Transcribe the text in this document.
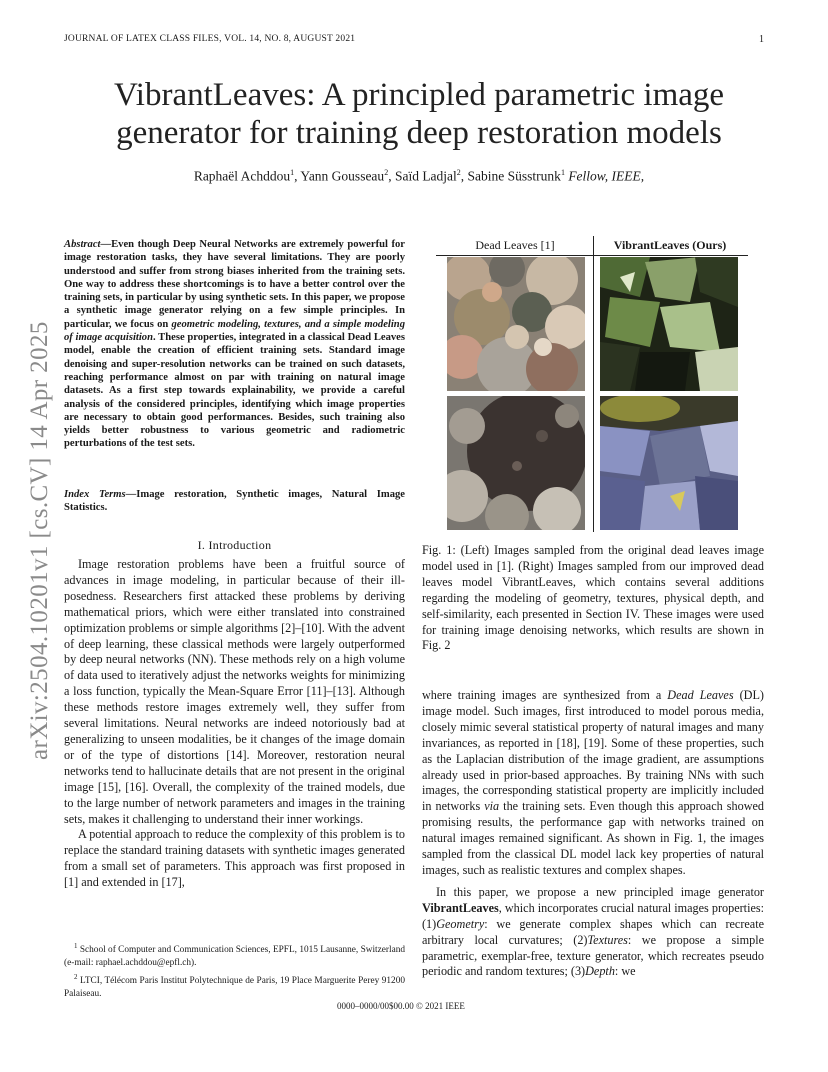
JOURNAL OF LATEX CLASS FILES, VOL. 14, NO. 8, AUGUST 2021	1
arXiv:2504.10201v1 [cs.CV] 14 Apr 2025
VibrantLeaves: A principled parametric image
generator for training deep restoration models
Raphaël Achddou$^1$, Yann Gousseau$^2$, Saïd Ladjal$^2$, Sabine Süsstrunk$^1$ Fellow, IEEE,
Abstract—Even though Deep Neural Networks are extremely powerful for image restoration tasks, they have several limitations. They are poorly understood and suffer from strong biases inherited from the training sets. One way to address these shortcomings is to have a better control over the training sets, in particular by using synthetic sets. In this paper, we propose a synthetic image generator relying on a few simple principles. In particular, we focus on geometric modeling, textures, and a simple modeling of image acquisition. These properties, integrated in a classical Dead Leaves model, enable the creation of efficient training sets. Standard image denoising and super-resolution networks can be trained on such datasets, reaching performance almost on par with training on natural image datasets. As a first step towards explainability, we provide a careful analysis of the considered principles, identifying which image properties are necessary to obtain good performances. Besides, such training also yields better robustness to various geometric and radiometric perturbations of the test sets.
Index Terms—Image restoration, Synthetic images, Natural Image Statistics.
I. Introduction

Image restoration problems have been a fruitful source of advances in image modeling, in particular because of their ill-posedness. Researchers first attacked these problems by deriving mathematical priors, which were either translated into constrained optimization problems or simple algorithms [2]–[10]. With the advent of deep learning, these classical methods were largely outperformed by deep neural networks (NN). These methods rely on a high volume of data used to iteratively adjust the networks weights for minimizing a loss function, typically the Mean-Square Error [11]–[13]. Although these methods restore images extremely well, they suffer from several limitations. Neural networks are indeed notoriously bad at generalizing to unseen modalities, be it changes of the image domain or of the type of distortions [14]. Moreover, restoration neural networks tend to hallucinate details that are not present in the original image [15], [16]. Overall, the complexity of the trained models, due to the large number of network parameters and images in the training sets, makes it challenging to understand their inner workings.

A potential approach to reduce the complexity of this problem is to replace the standard training datasets with synthetic images generated from a small set of parameters. This approach was first proposed in [1] and extended in [17],

$^1$ School of Computer and Communication Sciences, EPFL, 1015 Lausanne, Switzerland (e-mail: raphael.achddou@epfl.ch).

$^2$ LTCI, Télécom Paris Institut Polytechnique de Paris, 19 Place Marguerite Perey 91200 Palaiseau.

0000–0000/00$00.00 © 2021 IEEE
Dead Leaves [1]	VibrantLeaves (Ours)
Fig. 1: (Left) Images sampled from the original dead leaves image model used in [1]. (Right) Images sampled from our improved dead leaves model VibrantLeaves, which contains several additions regarding the modeling of geometry, textures, physical depth, and self-similarity, each presented in Section IV. These images were used for training image denoising networks, which results are shown in Fig. 2

where training images are synthesized from a Dead Leaves (DL) image model. Such images, first introduced to model porous media, closely mimic several statistical property of natural images and many invariances, as reported in [18], [19]. Some of these properties, such as the Laplacian distribution of the image gradient, are assumptions already used in prior-based approaches. By training NNs with such images, the corresponding statistical property are implicitly included in networks via the training sets. Even though this approach showed promising results, the performance gap with networks trained on natural images remained significant. As shown in Fig. 1, the images sampled from the classical DL model lack key properties of natural images, such as realistic textures and complex shapes.

In this paper, we propose a new principled image generator VibrantLeaves, which incorporates crucial natural images properties: (1)Geometry: we generate complex shapes which can recreate arbitrary local curvatures; (2)Textures: we propose a simple parametric, exemplar-free, texture generator, which recreates pseudo periodic and random textures; (3)Depth: we
